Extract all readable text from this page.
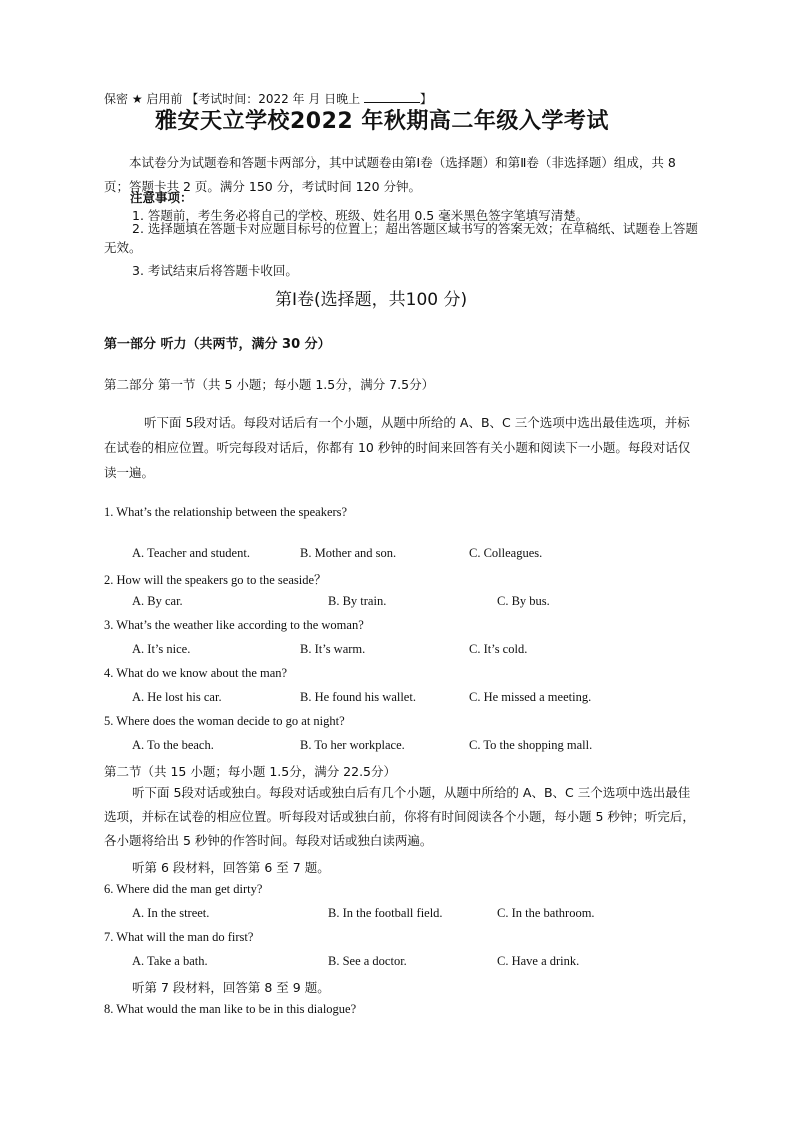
保密 ★ 启用前 【考试时间：2022 年 月 日晚上	】
雅安天立学校2022 年秋期高二年级入学考试
本试卷分为试题卷和答题卡两部分，其中试题卷由第Ⅰ卷（选择题）和第Ⅱ卷（非选择题）组成，共 8 页；答题卡共 2 页。满分 150 分，考试时间 120 分钟。
注意事项：
1. 答题前，考生务必将自己的学校、班级、姓名用 0.5 毫米黑色签字笔填写清楚。
2. 选择题填在答题卡对应题目标号的位置上；超出答题区域书写的答案无效；在草稿纸、试题卷上答题无效。
3. 考试结束后将答题卡收回。
第Ⅰ卷(选择题，共100 分)
第一部分 听力（共两节，满分 30 分）
第二部分 第一节（共 5 小题；每小题 1.5分，满分 7.5分）
听下面 5段对话。每段对话后有一个小题，从题中所给的 A、B、C 三个选项中选出最佳选项，并标在试卷的相应位置。听完每段对话后，你都有 10 秒钟的时间来回答有关小题和阅读下一小题。每段对话仅读一遍。
1. What’s the relationship between the speakers?
A. Teacher and student.	B. Mother and son.	C. Colleagues.
2. How will the speakers go to the seaside？
A. By car.	B. By train.	C. By bus.
3. What’s the weather like according to the woman?
A. It’s nice.	B. It’s warm.	C. It’s cold.
4. What do we know about the man?
A. He lost his car.	B. He found his wallet.	C. He missed a meeting.
5. Where does the woman decide to go at night?
A. To the beach.	B. To her workplace.	C. To the shopping mall.
第二节（共 15 小题；每小题 1.5分，满分 22.5分）
听下面 5段对话或独白。每段对话或独白后有几个小题，从题中所给的 A、B、C 三个选项中选出最佳选项，并标在试卷的相应位置。听每段对话或独白前，你将有时间阅读各个小题，每小题 5 秒钟；听完后，各小题将给出 5 秒钟的作答时间。每段对话或独白读两遍。
听第 6 段材料，回答第 6 至 7 题。
6. Where did the man get dirty?
A. In the street.	B. In the football field.	C. In the bathroom.
7. What will the man do first?
A. Take a bath.	B. See a doctor.	C. Have a drink.
听第 7 段材料，回答第 8 至 9 题。
8. What would the man like to be in this dialogue?
